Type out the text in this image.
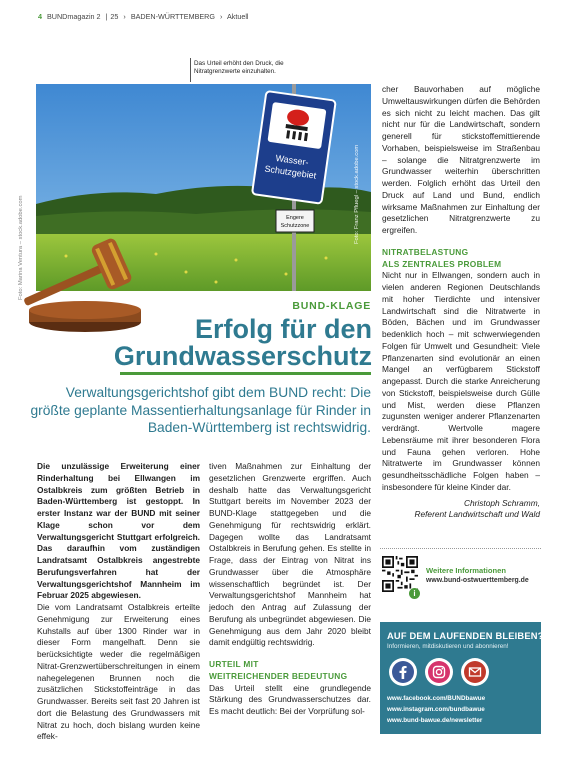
4 BUNDmagazin 2 | 25 › BADEN-WÜRTTEMBERG › Aktuell
Das Urteil erhöht den Druck, die Nitratgrenzwerte einzuhalten.
Wasser-
Schutzgebiet
Engere
Schutzzone	Foto: Franz Pfluegl – stock.adobe.com
Foto: Marina Ventura – stock.adobe.com
BUND-KLAGE
Erfolg für den
Grundwasserschutz
Verwaltungsgerichtshof gibt dem BUND recht: Die größte geplante Massentierhaltungsanlage für Rinder in Baden-Württemberg ist rechtswidrig.

Die unzulässige Erweiterung einer Rinderhaltung bei Ellwangen im Ostalbkreis zum größten Betrieb in Baden-Württemberg ist gestoppt. In erster Instanz war der BUND mit seiner Klage schon vor dem Verwaltungsgericht Stuttgart erfolgreich. Das daraufhin vom zuständigen Landratsamt Ostalbkreis angestrebte Berufungsverfahren hat der Verwaltungsgerichtshof Mannheim im Februar 2025 abgewiesen.

Die vom Landratsamt Ostalbkreis erteilte Genehmigung zur Erweiterung eines Kuhstalls auf über 1300 Rinder war in dieser Form mangelhaft. Denn sie berücksichtigte weder die regelmäßigen Nitrat-Grenzwertüberschreitungen in einem nahegelegenen Brunnen noch die zusätzlichen Stickstoffeinträge in das Grundwasser. Bereits seit fast 20 Jahren ist dort die Belastung des Grundwassers mit Nitrat zu hoch, doch bislang wurden keine effek-

tiven Maßnahmen zur Einhaltung der gesetzlichen Grenzwerte ergriffen. Auch deshalb hatte das Verwaltungsgericht Stuttgart bereits im November 2023 der BUND-Klage stattgegeben und die Genehmigung für rechtswidrig erklärt. Dagegen wollte das Landratsamt Ostalbkreis in Berufung gehen. Es stellte in Frage, dass der Eintrag von Nitrat ins Grundwasser über die Atmosphäre wissenschaftlich begründet ist. Der Verwaltungsgerichtshof Mannheim hat jedoch den Antrag auf Zulassung der Berufung als unbegründet abgewiesen. Die Genehmigung aus dem Jahr 2020 bleibt damit endgültig rechtswidrig.

URTEIL MIT
WEITREICHENDER BEDEUTUNG

Das Urteil stellt eine grundlegende Stärkung des Grundwasserschutzes dar. Es macht deutlich: Bei der Vorprüfung sol-

cher Bauvorhaben auf mögliche Umweltauswirkungen dürfen die Behörden es sich nicht zu leicht machen. Das gilt nicht nur für die Landwirtschaft, sondern generell für stickstoffemittierende Vorhaben, beispielsweise im Straßenbau – solange die Nitratgrenzwerte im Grundwasser weiterhin überschritten werden. Folglich erhöht das Urteil den Druck auf Land und Bund, endlich wirksame Maßnahmen zur Einhaltung der gesetzlichen Nitratgrenzwerte zu ergreifen.

NITRATBELASTUNG
ALS ZENTRALES PROBLEM

Nicht nur in Ellwangen, sondern auch in vielen anderen Regionen Deutschlands mit hoher Tierdichte und intensiver Landwirtschaft sind die Nitratwerte in Böden, Bächen und im Grundwasser bedenklich hoch – mit schwerwiegenden Folgen für Umwelt und Gesundheit: Viele Pflanzenarten sind evolutionär an einen Mangel an verfügbarem Stickstoff angepasst. Durch die starke Anreicherung von Stickstoff, beispielsweise durch Gülle und Mist, werden diese Pflanzen zugunsten weniger anderer Pflanzenarten verdrängt. Wertvolle magere Lebensräume mit ihrer besonderen Flora und Fauna gehen verloren. Hohe Nitratwerte im Grundwasser können gesundheitsschädliche Folgen haben – insbesondere für kleine Kinder dar.

Christoph Schramm,

Referent Landwirtschaft und Wald

i
Weitere Informationen
www.bund-ostwuerttemberg.de
AUF DEM LAUFENDEN BLEIBEN?
Informieren, mitdiskutieren und abonnieren!
www.facebook.com/BUNDbawue
www.instagram.com/bundbawue
www.bund-bawue.de/newsletter
